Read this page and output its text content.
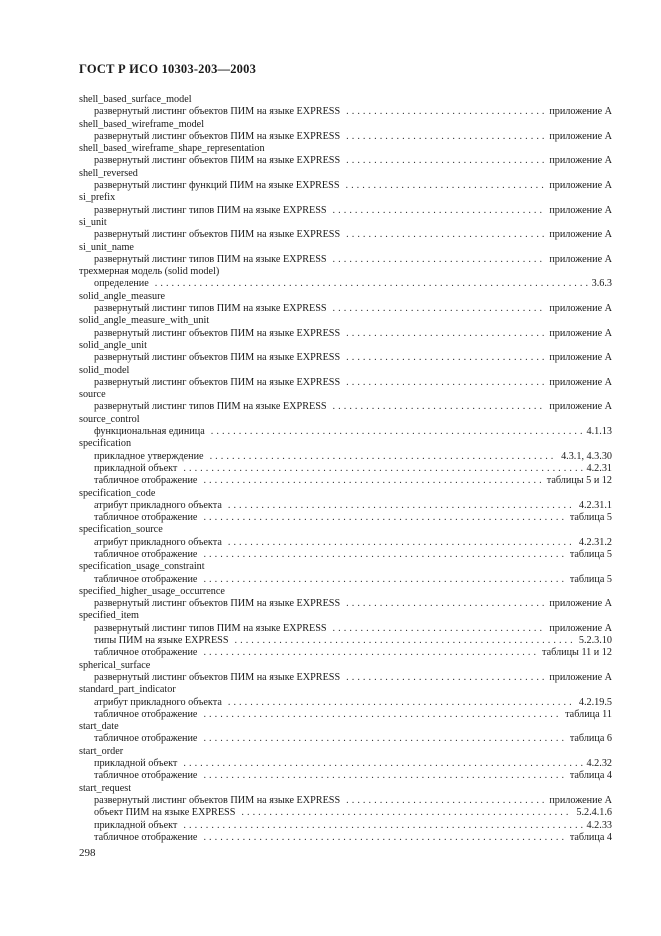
ГОСТ Р ИСО 10303-203—2003
shell_based_surface_model
развернутый листинг объектов ПИМ на языке EXPRESS . . .	приложение А
shell_based_wireframe_model
развернутый листинг объектов ПИМ на языке EXPRESS . . .	приложение А
shell_based_wireframe_shape_representation
развернутый листинг объектов ПИМ на языке EXPRESS . . .	приложение А
shell_reversed
развернутый листинг функций ПИМ на языке EXPRESS . . .	приложение А
si_prefix
развернутый листинг типов ПИМ на языке EXPRESS . . .	приложение А
si_unit
развернутый листинг объектов ПИМ на языке EXPRESS . . .	приложение А
si_unit_name
развернутый листинг типов ПИМ на языке EXPRESS . . .	приложение А
трехмерная модель (solid model)
определение . . .	3.6.3
solid_angle_measure
развернутый листинг типов ПИМ на языке EXPRESS . . .	приложение А
solid_angle_measure_with_unit
развернутый листинг объектов ПИМ на языке EXPRESS . . .	приложение А
solid_angle_unit
развернутый листинг объектов ПИМ на языке EXPRESS . . .	приложение А
solid_model
развернутый листинг объектов ПИМ на языке EXPRESS . . .	приложение А
source
развернутый листинг типов ПИМ на языке EXPRESS . . .	приложение А
source_control
функциональная единица . . .	4.1.13
specification
прикладное утверждение . . .	4.3.1, 4.3.30
прикладной объект . . .	4.2.31
табличное отображение . . .	таблицы 5 и 12
specification_code
атрибут прикладного объекта . . .	4.2.31.1
табличное отображение . . .	таблица 5
specification_source
атрибут прикладного объекта . . .	4.2.31.2
табличное отображение . . .	таблица 5
specification_usage_constraint
табличное отображение . . .	таблица 5
specified_higher_usage_occurrence
развернутый листинг объектов ПИМ на языке EXPRESS . . .	приложение А
specified_item
развернутый листинг типов ПИМ на языке EXPRESS . . .	приложение А
типы ПИМ на языке EXPRESS . . .	5.2.3.10
табличное отображение . . .	таблицы 11 и 12
spherical_surface
развернутый листинг объектов ПИМ на языке EXPRESS . . .	приложение А
standard_part_indicator
атрибут прикладного объекта . . .	4.2.19.5
табличное отображение . . .	таблица 11
start_date
табличное отображение . . .	таблица 6
start_order
прикладной объект . . .	4.2.32
табличное отображение . . .	таблица 4
start_request
развернутый листинг объектов ПИМ на языке EXPRESS . . .	приложение А
объект ПИМ на языке EXPRESS . . .	5.2.4.1.6
прикладной объект . . .	4.2.33
табличное отображение . . .	таблица 4
298
